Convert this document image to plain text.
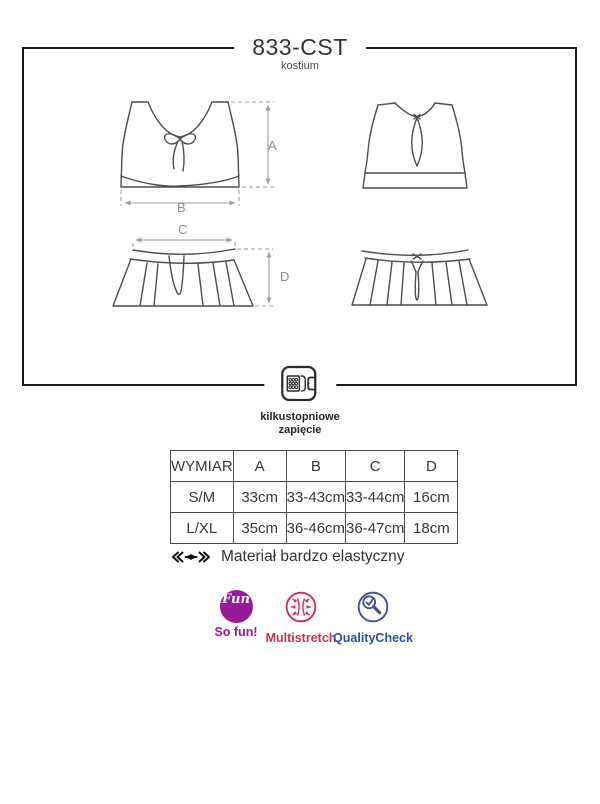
833-CST
kostium
A
B
C
D
kilkustopniowe
zapięcie
WYMIAR	A	B	C	D
S/M	33cm	33-43cm	33-44cm	16cm
L/XL	35cm	36-46cm	36-47cm	18cm
Materiał bardzo elastyczny
Fun
So fun! Multistretch
QualityCheck
